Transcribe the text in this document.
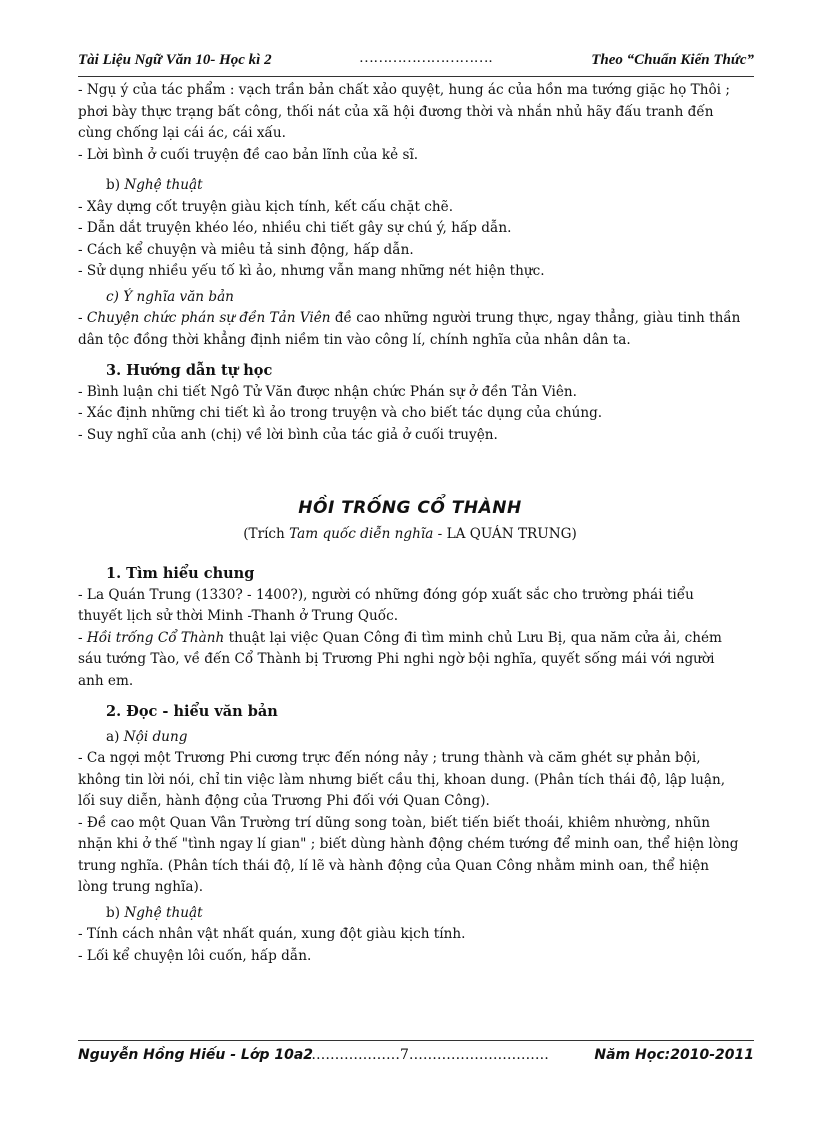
Tài Liệu Ngữ Văn 10- Học kì 2	……………………….	Theo “Chuẩn Kiến Thức”

- Ngụ ý của tác phẩm : vạch trần bản chất xảo quyệt, hung ác của hồn ma tướng giặc họ Thôi ; phơi bày thực trạng bất công, thối nát của xã hội đương thời và nhắn nhủ hãy đấu tranh đến cùng chống lại cái ác, cái xấu.

- Lời bình ở cuối truyện đề cao bản lĩnh của kẻ sĩ.

b) Nghệ thuật

- Xây dựng cốt truyện giàu kịch tính, kết cấu chặt chẽ.

- Dẫn dắt truyện khéo léo, nhiều chi tiết gây sự chú ý, hấp dẫn.

- Cách kể chuyện và miêu tả sinh động, hấp dẫn.

- Sử dụng nhiều yếu tố kì ảo, nhưng vẫn mang những nét hiện thực.

c) Ý nghĩa văn bản

- Chuyện chức phán sự đền Tản Viên đề cao những người trung thực, ngay thẳng, giàu tinh thần dân tộc đồng thời khẳng định niềm tin vào công lí, chính nghĩa của nhân dân ta.

3. Hướng dẫn tự học

- Bình luận chi tiết Ngô Tử Văn được nhận chức Phán sự ở đền Tản Viên.

- Xác định những chi tiết kì ảo trong truyện và cho biết tác dụng của chúng.

- Suy nghĩ của anh (chị) về lời bình của tác giả ở cuối truyện.

HỒI TRỐNG CỔ THÀNH
(Trích Tam quốc diễn nghĩa - LA QUÁN TRUNG)

1. Tìm hiểu chung

- La Quán Trung (1330? - 1400?), người có những đóng góp xuất sắc cho trường phái tiểu thuyết lịch sử thời Minh -Thanh ở Trung Quốc.

- Hồi trống Cổ Thành thuật lại việc Quan Công đi tìm minh chủ Lưu Bị, qua năm cửa ải, chém sáu tướng Tào, về đến Cổ Thành bị Trương Phi nghi ngờ bội nghĩa, quyết sống mái với người anh em.

2. Đọc - hiểu văn bản

a) Nội dung

- Ca ngợi một Trương Phi cương trực đến nóng nảy ; trung thành và căm ghét sự phản bội, không tin lời nói, chỉ tin việc làm nhưng biết cầu thị, khoan dung. (Phân tích thái độ, lập luận, lối suy diễn, hành động của Trương Phi đối với Quan Công).

- Đề cao một Quan Vân Trường trí dũng song toàn, biết tiến biết thoái, khiêm nhường, nhũn nhặn khi ở thế "tình ngay lí gian" ; biết dùng hành động chém tướng để minh oan, thể hiện lòng trung nghĩa. (Phân tích thái độ, lí lẽ và hành động của Quan Công nhằm minh oan, thể hiện lòng trung nghĩa).

b) Nghệ thuật

- Tính cách nhân vật nhất quán, xung đột giàu kịch tính.

- Lối kể chuyện lôi cuốn, hấp dẫn.

Nguyễn Hồng Hiếu - Lớp 10a2
…………………7…………………………	Năm Học:2010-2011
